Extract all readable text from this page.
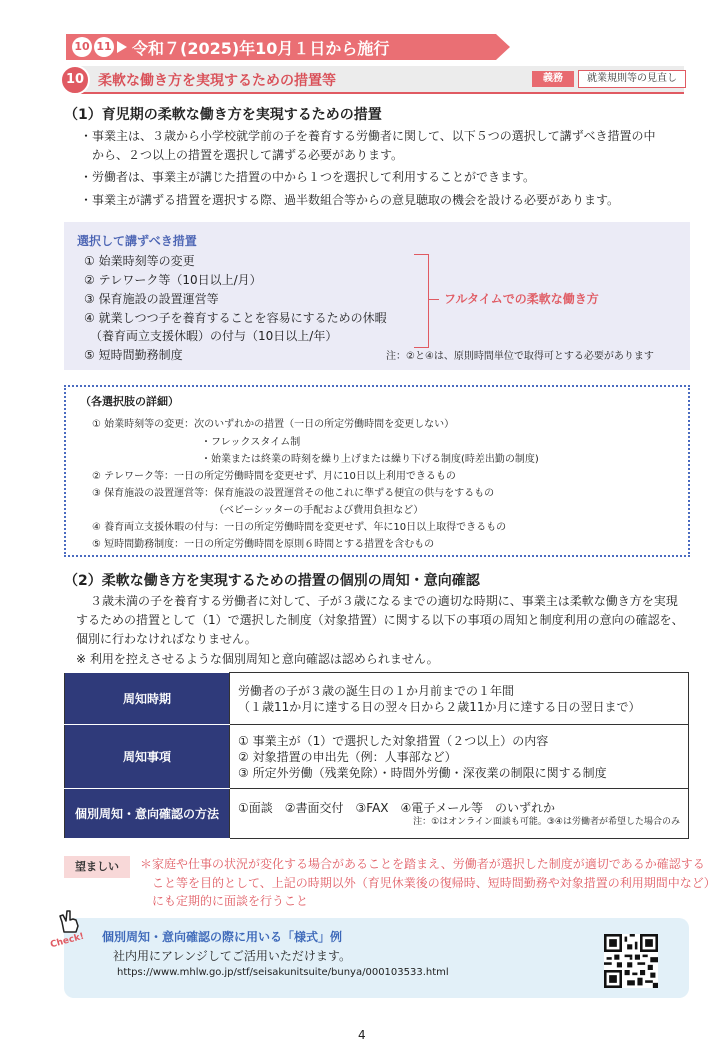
10 11 令和７(2025)年10月１日から施行
10 柔軟な働き方を実現するための措置等	義務	就業規則等の見直し
（1）育児期の柔軟な働き方を実現するための措置
・事業主は、３歳から小学校就学前の子を養育する労働者に関して、以下５つの選択して講ずべき措置の中
　から、２つ以上の措置を選択して講ずる必要があります。
・労働者は、事業主が講じた措置の中から１つを選択して利用することができます。
・事業主が講ずる措置を選択する際、過半数組合等からの意見聴取の機会を設ける必要があります。
選択して講ずべき措置
① 始業時刻等の変更
② テレワーク等（10日以上/月）
③ 保育施設の設置運営等
④ 就業しつつ子を養育することを容易にするための休暇
　（養育両立支援休暇）の付与（10日以上/年）
⑤ 短時間勤務制度
フルタイムでの柔軟な働き方
注：②と④は、原則時間単位で取得可とする必要があります
（各選択肢の詳細）
① 始業時刻等の変更：次のいずれかの措置（一日の所定労働時間を変更しない）
・フレックスタイム制
・始業または終業の時刻を繰り上げまたは繰り下げる制度(時差出勤の制度)
② テレワーク等：一日の所定労働時間を変更せず、月に10日以上利用できるもの
③ 保育施設の設置運営等：保育施設の設置運営その他これに準ずる便宜の供与をするもの
（ベビーシッターの手配および費用負担など）
④ 養育両立支援休暇の付与：一日の所定労働時間を変更せず、年に10日以上取得できるもの
⑤ 短時間勤務制度：一日の所定労働時間を原則６時間とする措置を含むもの
（2）柔軟な働き方を実現するための措置の個別の周知・意向確認
３歳未満の子を養育する労働者に対して、子が３歳になるまでの適切な時期に、事業主は柔軟な働き方を実現
するための措置として（1）で選択した制度（対象措置）に関する以下の事項の周知と制度利用の意向の確認を、
個別に行わなければなりません。
※ 利用を控えさせるような個別周知と意向確認は認められません。
周知時期	労働者の子が３歳の誕生日の１か月前までの１年間
（１歳11か月に達する日の翌々日から２歳11か月に達する日の翌日まで）

周知事項	① 事業主が（1）で選択した対象措置（２つ以上）の内容
② 対象措置の申出先（例：人事部など）
③ 所定外労働（残業免除）・時間外労働・深夜業の制限に関する制度

個別周知・意向確認の方法	①面談　②書面交付　③FAX　④電子メール等　のいずれか
注：①はオンライン面談も可能。③④は労働者が希望した場合のみ
望ましい	＊家庭や仕事の状況が変化する場合があることを踏まえ、労働者が選択した制度が適切であるか確認する
　こと等を目的として、上記の時期以外（育児休業後の復帰時、短時間勤務や対象措置の利用期間中など）
　にも定期的に面談を行うこと
個別周知・意向確認の際に用いる「様式」例
社内用にアレンジしてご活用いただけます。
https://www.mhlw.go.jp/stf/seisakunitsuite/bunya/000103533.html
Check!
4
